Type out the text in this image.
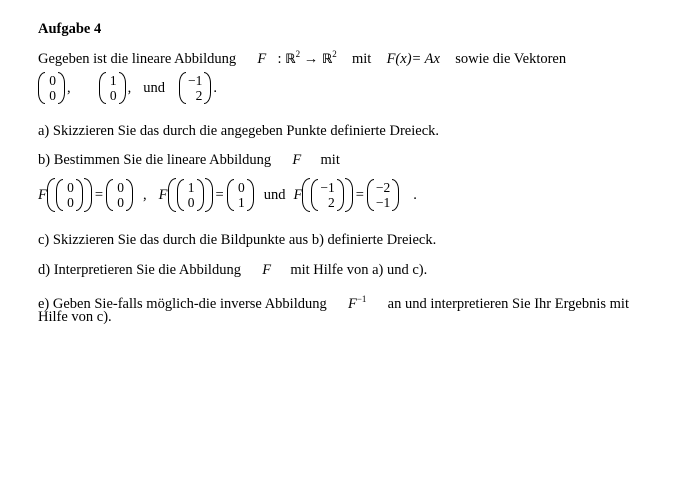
Aufgabe 4
Gegeben ist die lineare Abbildung F : ℝ$^2$ → ℝ$^2$ mit F(x)= Ax sowie die Vektoren
0
0 ,	1
0 , und −1
2 .
a) Skizzieren Sie das durch die angegeben Punkte definierte Dreieck.
b) Bestimmen Sie die lineare Abbildung F mit
F 0
0 = 0
0 , F 1
0 = 0
1 und F −1
2 = −2
−1 .
c) Skizzieren Sie das durch die Bildpunkte aus b) definierte Dreieck.
d) Interpretieren Sie die Abbildung F mit Hilfe von a) und c).
e) Geben Sie-falls möglich-die inverse Abbildung $F^{-1}$ an und interpretieren Sie Ihr Ergebnis mit
Hilfe von c).
